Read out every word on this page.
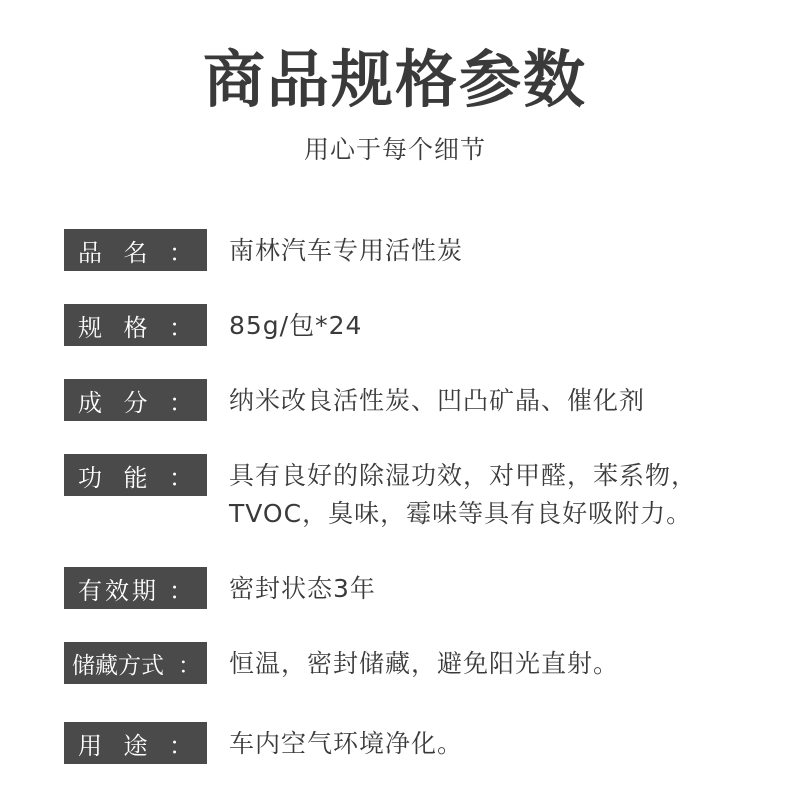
商品规格参数
用心于每个细节
品 名 ： 南林汽车专用活性炭
规 格 ： 85g/包*24
成 分 ： 纳米改良活性炭、凹凸矿晶、催化剂
功 能 ： 具有良好的除湿功效，对甲醛，苯系物，
TVOC，臭味，霉味等具有良好吸附力。
有效期 ： 密封状态3年
储藏方式 ： 恒温，密封储藏，避免阳光直射。
用 途 ： 车内空气环境净化。
